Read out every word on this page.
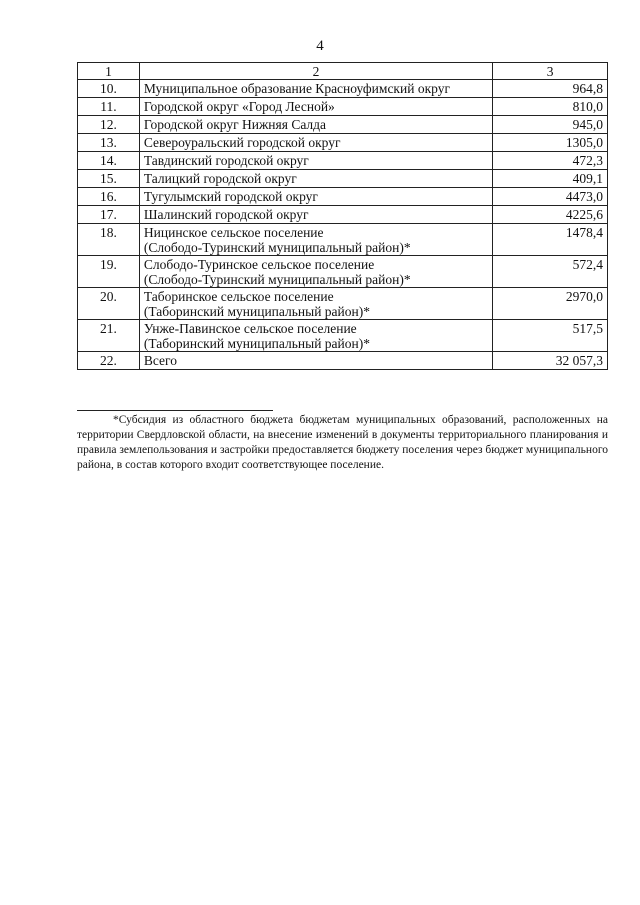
4
1	2	3
10.	Муниципальное образование Красноуфимский округ	964,8
11.	Городской округ «Город Лесной»	810,0
12.	Городской округ Нижняя Салда	945,0
13.	Североуральский городской округ	1305,0
14.	Тавдинский городской округ	472,3
15.	Талицкий городской округ	409,1
16.	Тугулымский городской округ	4473,0
17.	Шалинский городской округ	4225,6
18.	Ницинское сельское поселение
(Слободо-Туринский муниципальный район)*	1478,4
19.	Слободо-Туринское сельское поселение
(Слободо-Туринский муниципальный район)*	572,4
20.	Таборинское сельское поселение
(Таборинский муниципальный район)*	2970,0
21.	Унже-Павинское сельское поселение
(Таборинский муниципальный район)*	517,5
22.	Всего	32 057,3

*Субсидия из областного бюджета бюджетам муниципальных образований, расположенных на территории Свердловской области, на внесение изменений в документы территориального планирования и правила землепользования и застройки предоставляется бюджету поселения через бюджет муниципального района, в состав которого входит соответствующее поселение.
